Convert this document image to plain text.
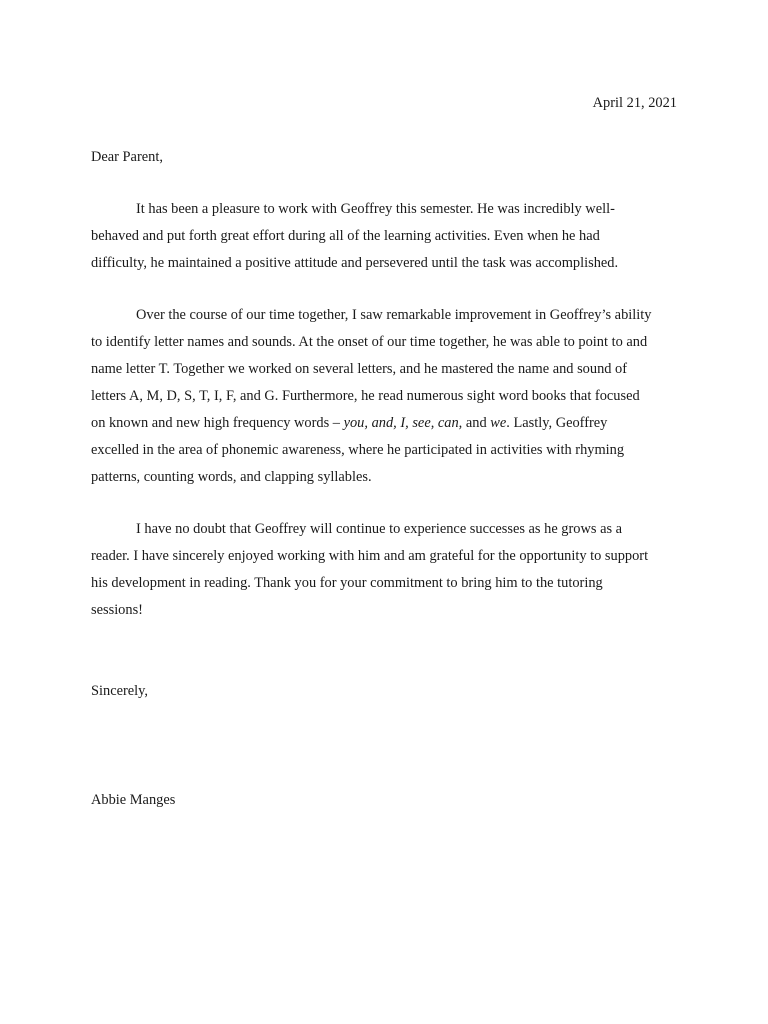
April 21, 2021
Dear Parent,
It has been a pleasure to work with Geoffrey this semester. He was incredibly well-
behaved and put forth great effort during all of the learning activities. Even when he had
difficulty, he maintained a positive attitude and persevered until the task was accomplished.
Over the course of our time together, I saw remarkable improvement in Geoffrey’s ability
to identify letter names and sounds. At the onset of our time together, he was able to point to and
name letter T. Together we worked on several letters, and he mastered the name and sound of
letters A, M, D, S, T, I, F, and G. Furthermore, he read numerous sight word books that focused
on known and new high frequency words – you, and, I, see, can, and we. Lastly, Geoffrey
excelled in the area of phonemic awareness, where he participated in activities with rhyming
patterns, counting words, and clapping syllables.
I have no doubt that Geoffrey will continue to experience successes as he grows as a
reader. I have sincerely enjoyed working with him and am grateful for the opportunity to support
his development in reading. Thank you for your commitment to bring him to the tutoring
sessions!
Sincerely,
Abbie Manges
